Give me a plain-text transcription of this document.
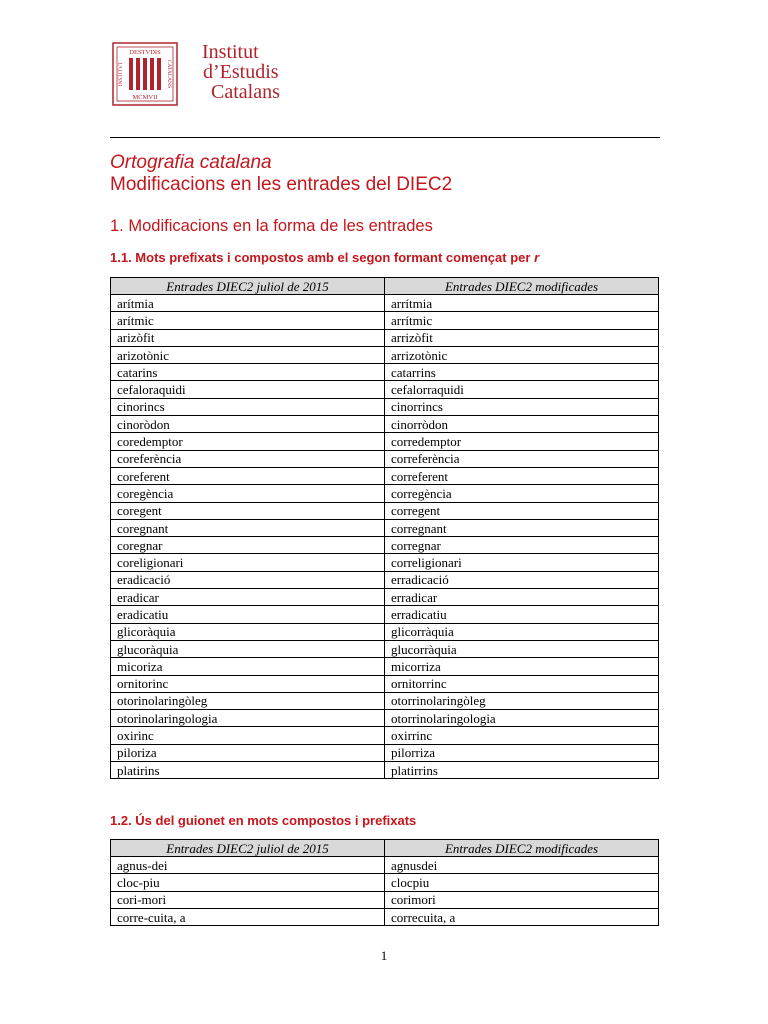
DESTVDIS
MCMVII
INSTITVT	CATALANS
Institut
d’Estudis
Catalans
Ortografia catalana
Modificacions en les entrades del DIEC2
1. Modificacions en la forma de les entrades
1.1. Mots prefixats i compostos amb el segon formant començat per r
Entrades DIEC2 juliol de 2015	Entrades DIEC2 modificades
arítmia	arrítmia
arítmic	arrítmic
arizòfit	arrizòfit
arizotònic	arrizotònic
catarins	catarrins
cefaloraquidi	cefalorraquidi
cinorincs	cinorrincs
cinoròdon	cinorròdon
coredemptor	corredemptor
coreferència	correferència
coreferent	correferent
coregència	corregència
coregent	corregent
coregnant	corregnant
coregnar	corregnar
coreligionari	correligionari
eradicació	erradicació
eradicar	erradicar
eradicatiu	erradicatiu
glicoràquia	glicorràquia
glucoràquia	glucorràquia
micoriza	micorriza
ornitorinc	ornitorrinc
otorinolaringòleg	otorrinolaringòleg
otorinolaringologia	otorrinolaringologia
oxirinc	oxirrinc
piloriza	pilorriza
platirins	platirrins
1.2. Ús del guionet en mots compostos i prefixats
Entrades DIEC2 juliol de 2015	Entrades DIEC2 modificades
agnus-dei	agnusdei
cloc-piu	clocpiu
cori-mori	corimori
corre-cuita, a	correcuita, a
1
